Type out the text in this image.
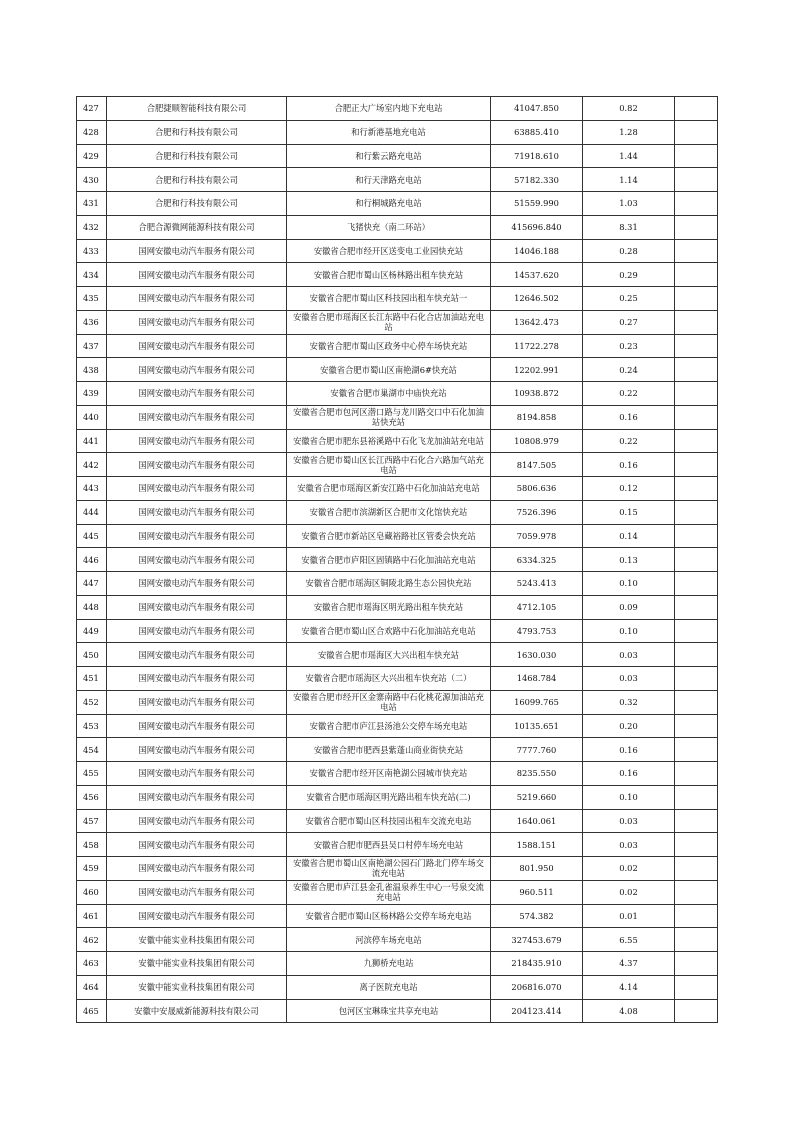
427	合肥捷顺智能科技有限公司	合肥正大广场室内地下充电站	41047.850	0.82	
428	合肥和行科技有限公司	和行新港基地充电站	63885.410	1.28	
429	合肥和行科技有限公司	和行紫云路充电站	71918.610	1.44	
430	合肥和行科技有限公司	和行天津路充电站	57182.330	1.14	
431	合肥和行科技有限公司	和行桐城路充电站	51559.990	1.03	
432	合肥合源微网能源科技有限公司	飞猪快充（南二环站）	415696.840	8.31	
433	国网安徽电动汽车服务有限公司	安徽省合肥市经开区送变电工业园快充站	14046.188	0.28	
434	国网安徽电动汽车服务有限公司	安徽省合肥市蜀山区杨林路出租车快充站	14537.620	0.29	
435	国网安徽电动汽车服务有限公司	安徽省合肥市蜀山区科技园出租车快充站一	12646.502	0.25	
436	国网安徽电动汽车服务有限公司	安徽省合肥市瑶海区长江东路中石化合店加油站充电站	13642.473	0.27	
437	国网安徽电动汽车服务有限公司	安徽省合肥市蜀山区政务中心停车场快充站	11722.278	0.23	
438	国网安徽电动汽车服务有限公司	安徽省合肥市蜀山区南艳湖6#快充站	12202.991	0.24	
439	国网安徽电动汽车服务有限公司	安徽省合肥市巢湖市中庙快充站	10938.872	0.22	
440	国网安徽电动汽车服务有限公司	安徽省合肥市包河区潜口路与龙川路交口中石化加油站快充站	8194.858	0.16	
441	国网安徽电动汽车服务有限公司	安徽省合肥市肥东县裕溪路中石化飞龙加油站充电站	10808.979	0.22	
442	国网安徽电动汽车服务有限公司	安徽省合肥市蜀山区长江西路中石化合六路加气站充电站	8147.505	0.16	
443	国网安徽电动汽车服务有限公司	安徽省合肥市瑶海区新安江路中石化加油站充电站	5806.636	0.12	
444	国网安徽电动汽车服务有限公司	安徽省合肥市滨湖新区合肥市文化馆快充站	7526.396	0.15	
445	国网安徽电动汽车服务有限公司	安徽省合肥市新站区皂藏裕路社区管委会快充站	7059.978	0.14	
446	国网安徽电动汽车服务有限公司	安徽省合肥市庐阳区固镇路中石化加油站充电站	6334.325	0.13	
447	国网安徽电动汽车服务有限公司	安徽省合肥市瑶海区铜陵北路生态公园快充站	5243.413	0.10	
448	国网安徽电动汽车服务有限公司	安徽省合肥市瑶海区明光路出租车快充站	4712.105	0.09	
449	国网安徽电动汽车服务有限公司	安徽省合肥市蜀山区合欢路中石化加油站充电站	4793.753	0.10	
450	国网安徽电动汽车服务有限公司	安徽省合肥市瑶海区大兴出租车快充站	1630.030	0.03	
451	国网安徽电动汽车服务有限公司	安徽省合肥市瑶海区大兴出租车快充站（二）	1468.784	0.03	
452	国网安徽电动汽车服务有限公司	安徽省合肥市经开区金寨南路中石化桃花源加油站充电站	16099.765	0.32	
453	国网安徽电动汽车服务有限公司	安徽省合肥市庐江县汤池公交停车场充电站	10135.651	0.20	
454	国网安徽电动汽车服务有限公司	安徽省合肥市肥西县紫蓬山商业街快充站	7777.760	0.16	
455	国网安徽电动汽车服务有限公司	安徽省合肥市经开区南艳湖公园城市快充站	8235.550	0.16	
456	国网安徽电动汽车服务有限公司	安徽省合肥市瑶海区明光路出租车快充站(二)	5219.660	0.10	
457	国网安徽电动汽车服务有限公司	安徽省合肥市蜀山区科技园出租车交流充电站	1640.061	0.03	
458	国网安徽电动汽车服务有限公司	安徽省合肥市肥西县吴口村停车场充电站	1588.151	0.03	
459	国网安徽电动汽车服务有限公司	安徽省合肥市蜀山区南艳湖公园石门路北门停车场交流充电站	801.950	0.02	
460	国网安徽电动汽车服务有限公司	安徽省合肥市庐江县金孔雀温泉养生中心一号泉交流充电站	960.511	0.02	
461	国网安徽电动汽车服务有限公司	安徽省合肥市蜀山区杨林路公交停车场充电站	574.382	0.01	
462	安徽中能实业科技集团有限公司	河滨停车场充电站	327453.679	6.55	
463	安徽中能实业科技集团有限公司	九狮桥充电站	218435.910	4.37	
464	安徽中能实业科技集团有限公司	离子医院充电站	206816.070	4.14	
465	安徽中安晟威新能源科技有限公司	包河区宝琳珠宝共享充电站	204123.414	4.08	
